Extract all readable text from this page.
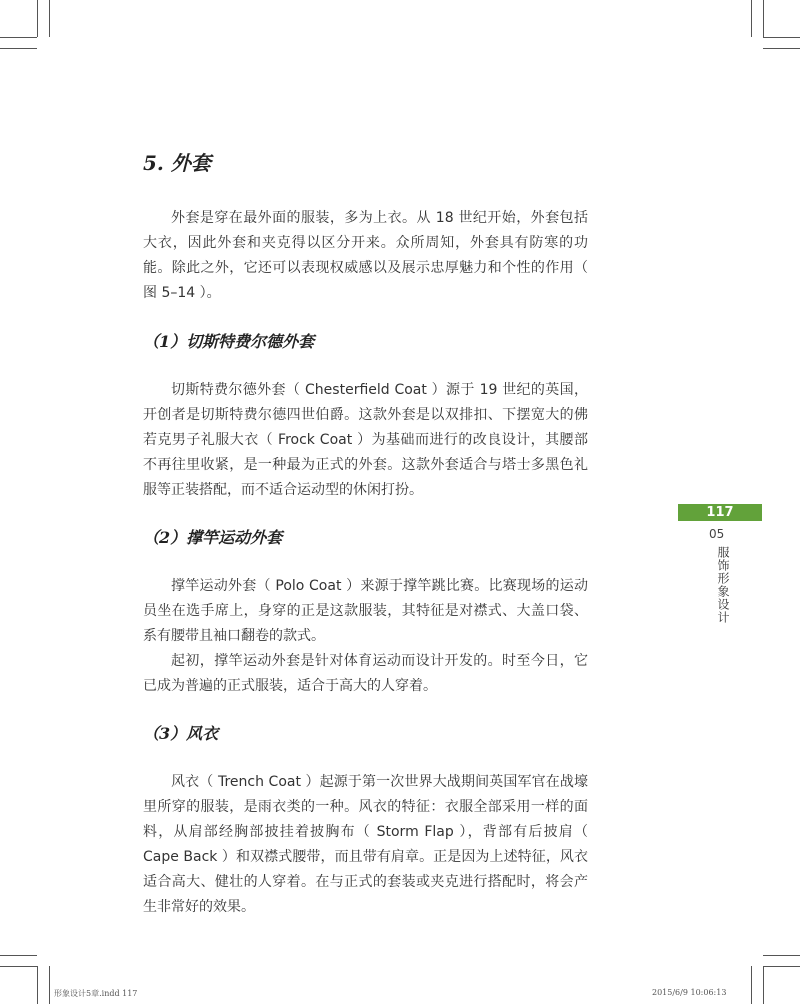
5. 外套

外套是穿在最外面的服装，多为上衣。从 18 世纪开始，外套包括大衣，因此外套和夹克得以区分开来。众所周知，外套具有防寒的功能。除此之外，它还可以表现权威感以及展示忠厚魅力和个性的作用（ 图 5–14 ）。

（1）切斯特费尔德外套

切斯特费尔德外套（ Chesterfield Coat ）源于 19 世纪的英国，开创者是切斯特费尔德四世伯爵。这款外套是以双排扣、下摆宽大的佛若克男子礼服大衣（ Frock Coat ）为基础而进行的改良设计，其腰部不再往里收紧，是一种最为正式的外套。这款外套适合与塔士多黑色礼服等正装搭配，而不适合运动型的休闲打扮。

（2）撑竿运动外套

撑竿运动外套（ Polo Coat ）来源于撑竿跳比赛。比赛现场的运动员坐在选手席上，身穿的正是这款服装，其特征是对襟式、大盖口袋、系有腰带且袖口翻卷的款式。

起初，撑竿运动外套是针对体育运动而设计开发的。时至今日，它已成为普遍的正式服装，适合于高大的人穿着。

（3）风衣

风衣（ Trench Coat ）起源于第一次世界大战期间英国军官在战壕里所穿的服装，是雨衣类的一种。风衣的特征：衣服全部采用一样的面料，从肩部经胸部披挂着披胸布（ Storm Flap ），背部有后披肩（ Cape Back ）和双襟式腰带，而且带有肩章。正是因为上述特征，风衣适合高大、健壮的人穿着。在与正式的套装或夹克进行搭配时，将会产生非常好的效果。

117
05
服饰形象设计
形象设计5章.indd 117	2015/6/9 10:06:13
